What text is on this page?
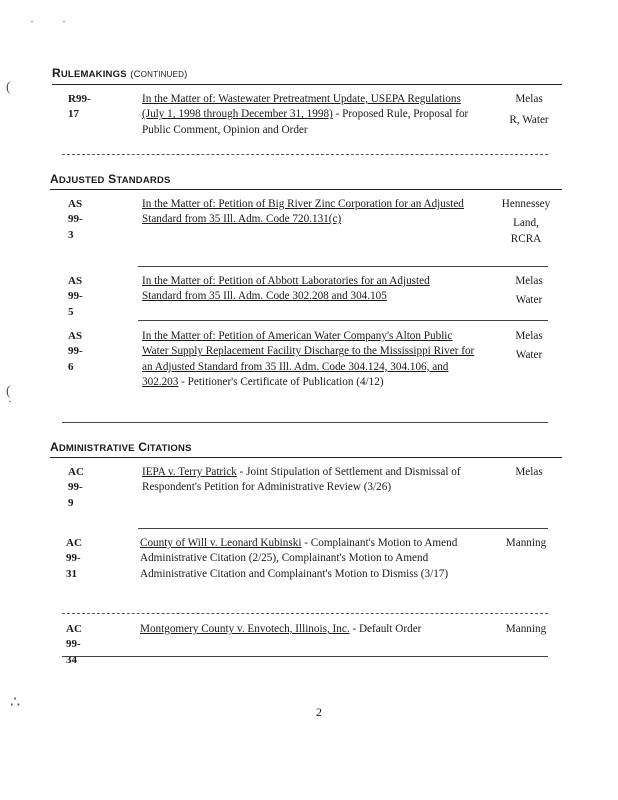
· ·
(
(
`
∴
RULEMAKINGS (CONTINUED)
R99-17
In the Matter of: Wastewater Pretreatment Update, USEPA Regulations (July 1, 1998 through December 31, 1998) - Proposed Rule, Proposal for Public Comment, Opinion and Order
Melas
R, Water
ADJUSTED STANDARDS
AS 99-3
In the Matter of: Petition of Big River Zinc Corporation for an Adjusted Standard from 35 Ill. Adm. Code 720.131(c)
Hennessey
Land,
RCRA
AS 99-5
In the Matter of: Petition of Abbott Laboratories for an Adjusted Standard from 35 Ill. Adm. Code 302.208 and 304.105
Melas
Water
AS 99-6
In the Matter of: Petition of American Water Company's Alton Public Water Supply Replacement Facility Discharge to the Mississippi River for an Adjusted Standard from 35 Ill. Adm. Code 304.124, 304.106, and 302.203 - Petitioner's Certificate of Publication (4/12)
Melas
Water
ADMINISTRATIVE CITATIONS
AC 99-9
IEPA v. Terry Patrick - Joint Stipulation of Settlement and Dismissal of Respondent's Petition for Administrative Review (3/26)
Melas
AC 99-31
County of Will v. Leonard Kubinski - Complainant's Motion to Amend Administrative Citation (2/25), Complainant's Motion to Amend Administrative Citation and Complainant's Motion to Dismiss (3/17)
Manning
AC 99-34
Montgomery County v. Envotech, Illinois, Inc. - Default Order	Manning
2
